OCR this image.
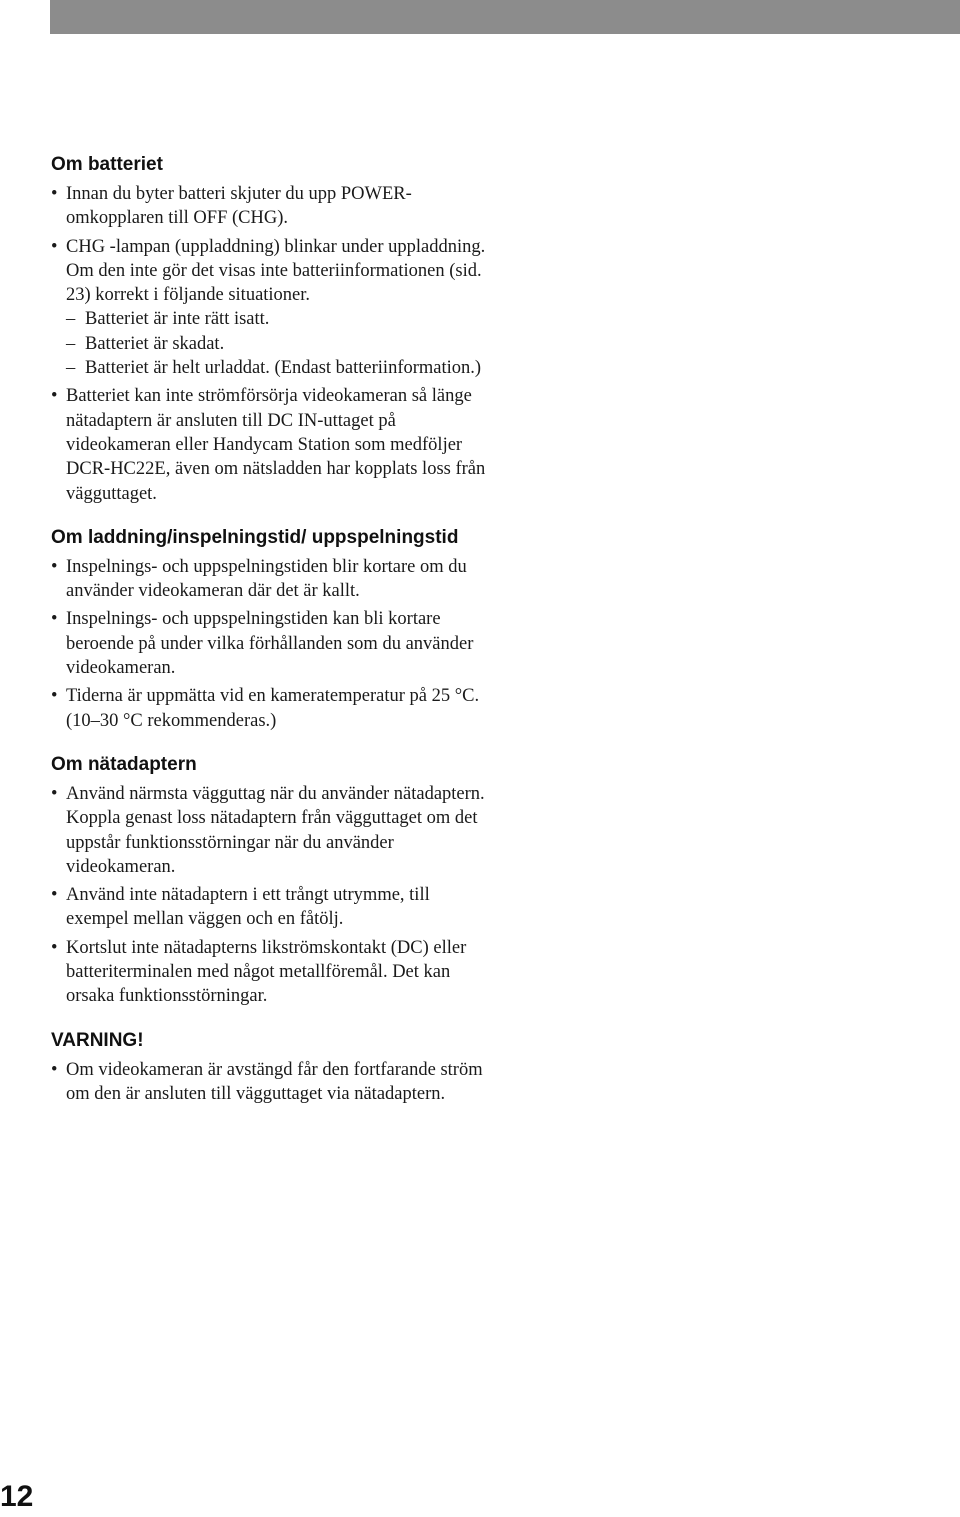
Om batteriet
• Innan du byter batteri skjuter du upp POWER-omkopplaren till OFF (CHG).
• CHG -lampan (uppladdning) blinkar under uppladdning. Om den inte gör det visas inte batteriinformationen (sid. 23) korrekt i följande situationer.
– Batteriet är inte rätt isatt.
– Batteriet är skadat.
– Batteriet är helt urladdat. (Endast batteriinformation.)
• Batteriet kan inte strömförsörja videokameran så länge nätadaptern är ansluten till DC IN-uttaget på videokameran eller Handycam Station som medföljer DCR-HC22E, även om nätsladden har kopplats loss från vägguttaget.
Om laddning/inspelningstid/ uppspelningstid
• Inspelnings- och uppspelningstiden blir kortare om du använder videokameran där det är kallt.
• Inspelnings- och uppspelningstiden kan bli kortare beroende på under vilka förhållanden som du använder videokameran.
• Tiderna är uppmätta vid en kameratemperatur på 25 °C. (10–30 °C rekommenderas.)
Om nätadaptern
• Använd närmsta vägguttag när du använder nätadaptern. Koppla genast loss nätadaptern från vägguttaget om det uppstår funktionsstörningar när du använder videokameran.
• Använd inte nätadaptern i ett trångt utrymme, till exempel mellan väggen och en fåtölj.
• Kortslut inte nätadapterns likströmskontakt (DC) eller batteriterminalen med något metallföremål. Det kan orsaka funktionsstörningar.
VARNING!
• Om videokameran är avstängd får den fortfarande ström om den är ansluten till vägguttaget via nätadaptern.
12
